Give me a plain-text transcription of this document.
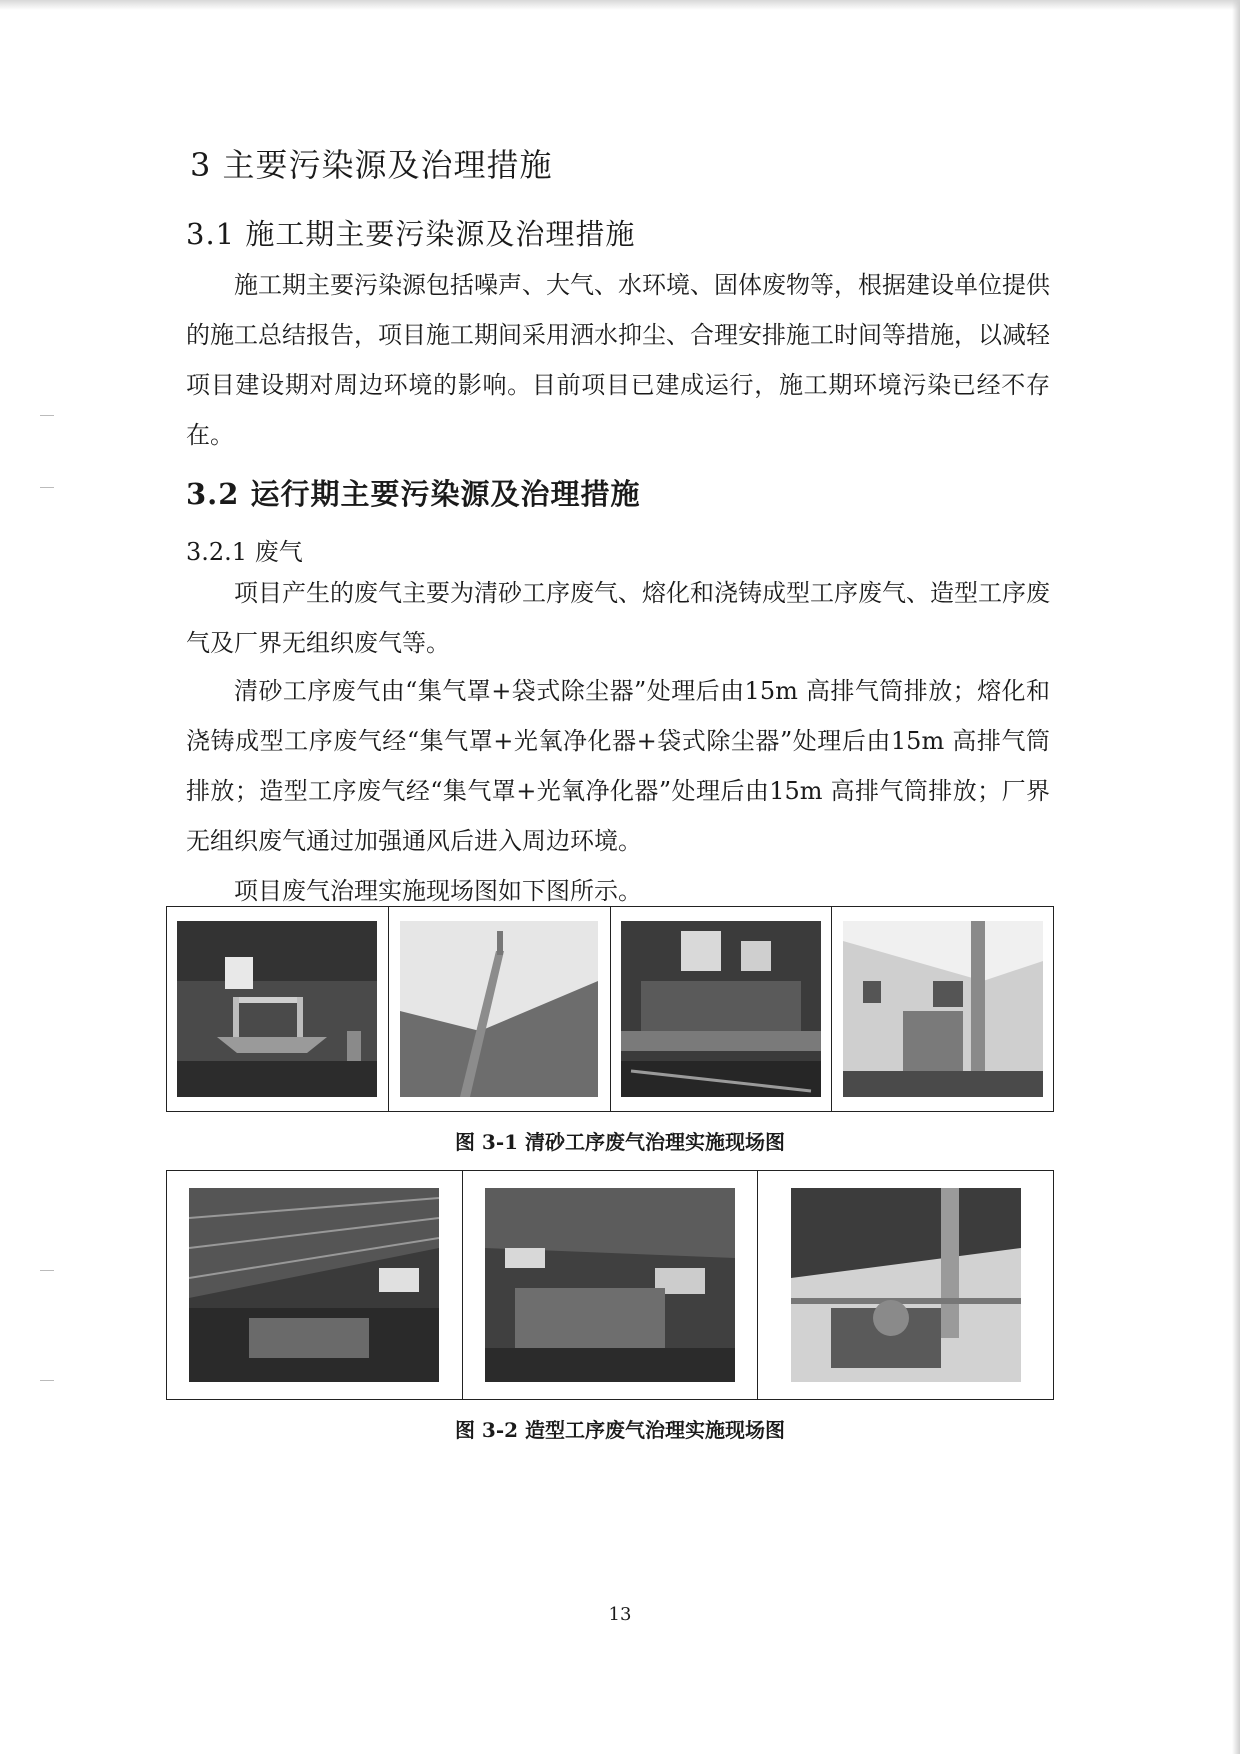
3 主要污染源及治理措施
3.1 施工期主要污染源及治理措施

施工期主要污染源包括噪声、大气、水环境、固体废物等，根据建设单位提供的施工总结报告，项目施工期间采用洒水抑尘、合理安排施工时间等措施，以减轻项目建设期对周边环境的影响。目前项目已建成运行，施工期环境污染已经不存在。

3.2 运行期主要污染源及治理措施
3.2.1 废气

项目产生的废气主要为清砂工序废气、熔化和浇铸成型工序废气、造型工序废气及厂界无组织废气等。

清砂工序废气由“集气罩+袋式除尘器”处理后由15m 高排气筒排放；熔化和浇铸成型工序废气经“集气罩+光氧净化器+袋式除尘器”处理后由15m 高排气筒排放；造型工序废气经“集气罩+光氧净化器”处理后由15m 高排气筒排放；厂界无组织废气通过加强通风后进入周边环境。

项目废气治理实施现场图如下图所示。

图 3-1 清砂工序废气治理实施现场图
图 3-2 造型工序废气治理实施现场图
13
